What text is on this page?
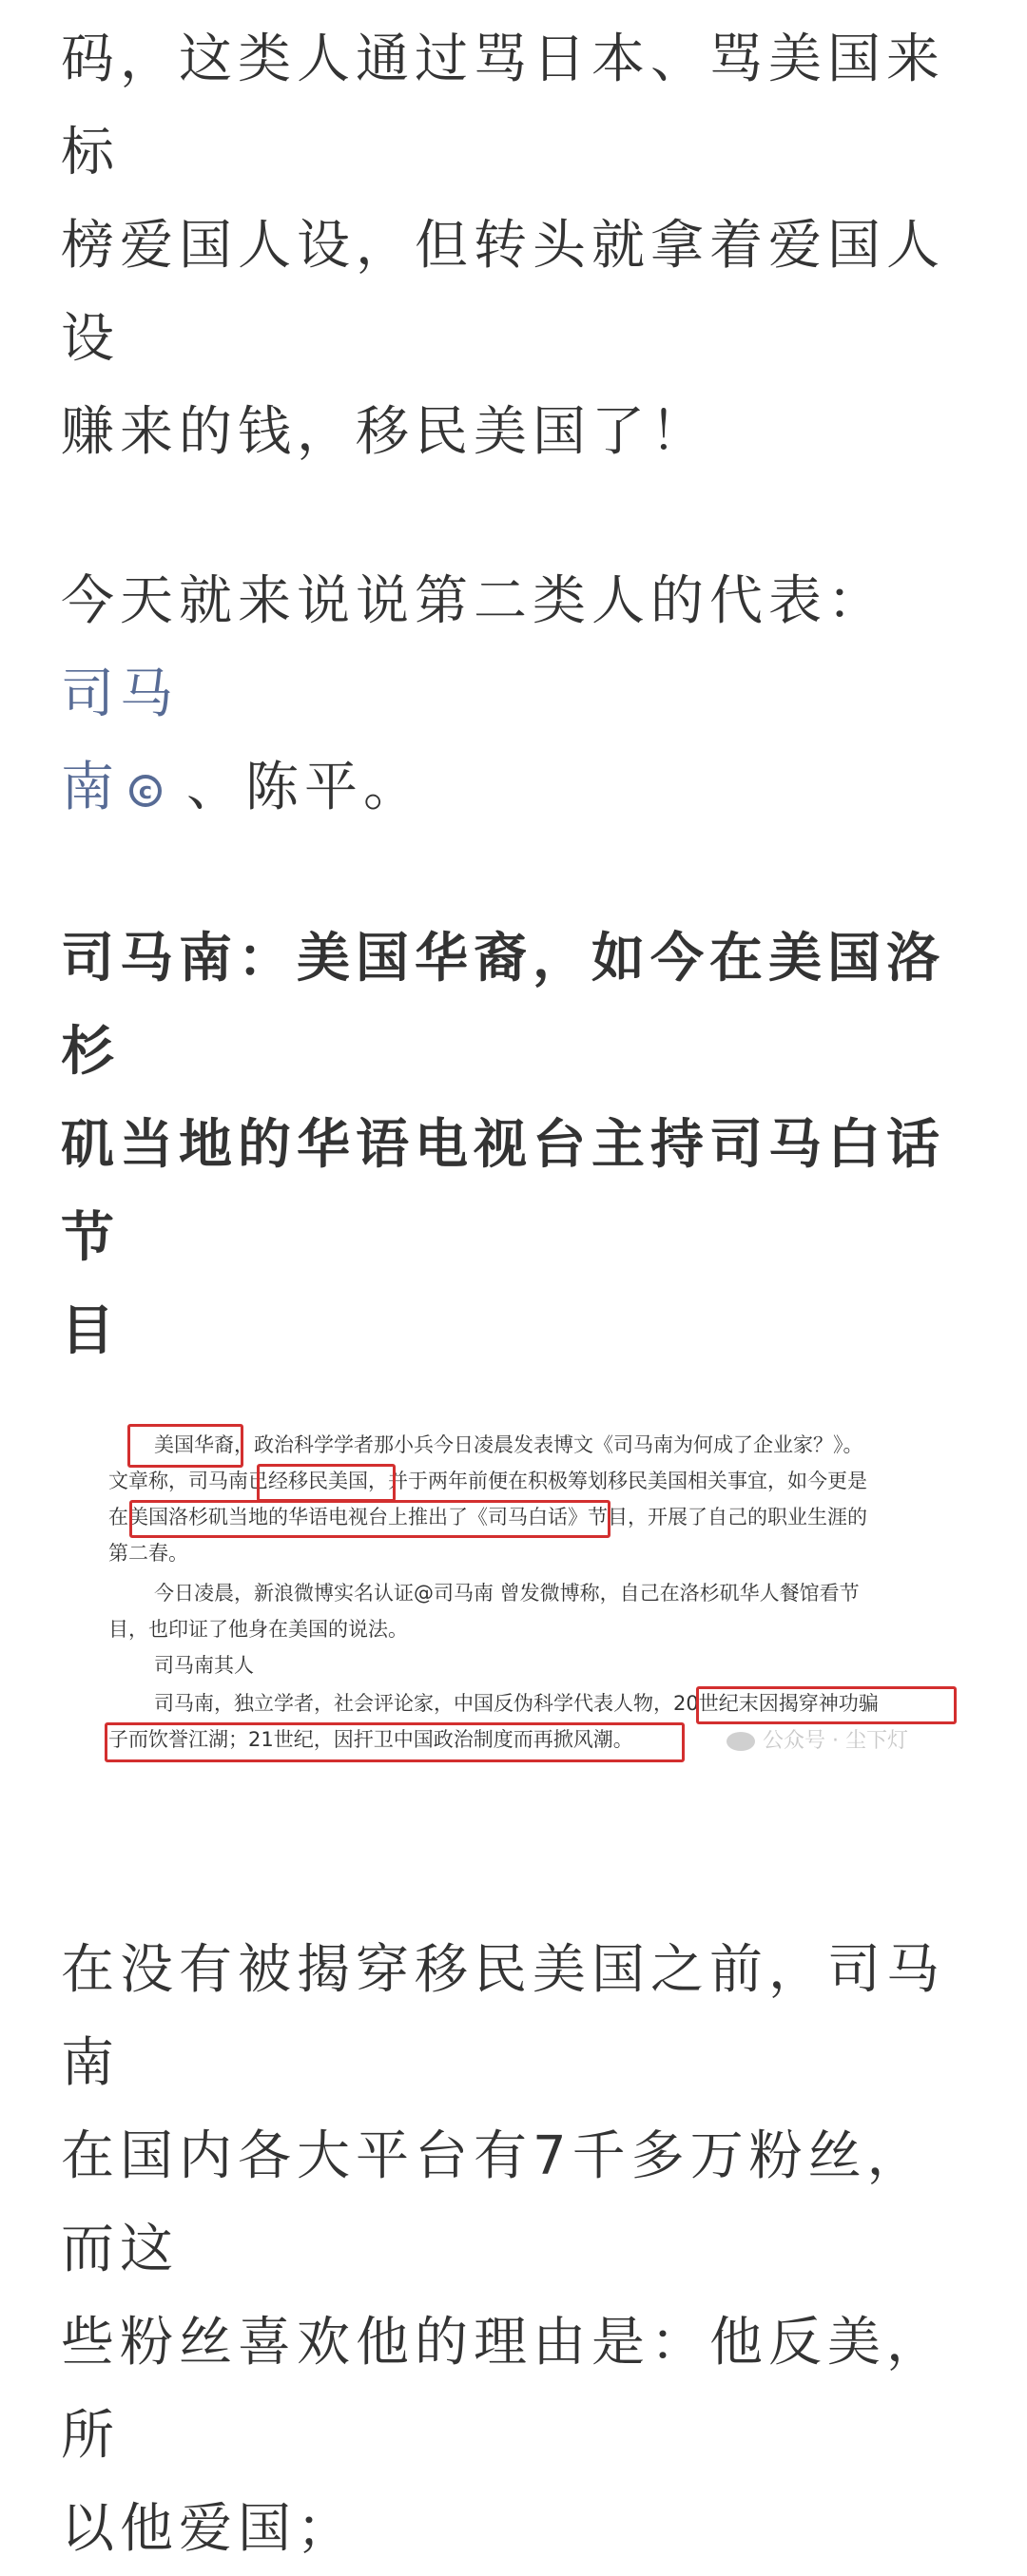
码，这类人通过骂日本、骂美国来标
榜爱国人设，但转头就拿着爱国人设
赚来的钱，移民美国了！

今天就来说说第二类人的代表： 司马
南 c 、陈平。

司马南：美国华裔，如今在美国洛杉
矶当地的华语电视台主持司马白话节
目
美国华裔，政治科学学者那小兵今日凌晨发表博文《司马南为何成了企业家？》。
文章称，司马南已经移民美国，并于两年前便在积极筹划移民美国相关事宜，如今更是
在美国洛杉矶当地的华语电视台上推出了《司马白话》节目，开展了自己的职业生涯的
第二春。
今日凌晨，新浪微博实名认证@司马南 曾发微博称，自己在洛杉矶华人餐馆看节
目，也印证了他身在美国的说法。
司马南其人
司马南，独立学者，社会评论家，中国反伪科学代表人物，20世纪末因揭穿神功骗
子而饮誉江湖；21世纪，因扞卫中国政治制度而再掀风潮。	公众号 · 尘下灯

在没有被揭穿移民美国之前，司马南
在国内各大平台有7千多万粉丝，而这
些粉丝喜欢他的理由是：他反美，所
以他爱国；
